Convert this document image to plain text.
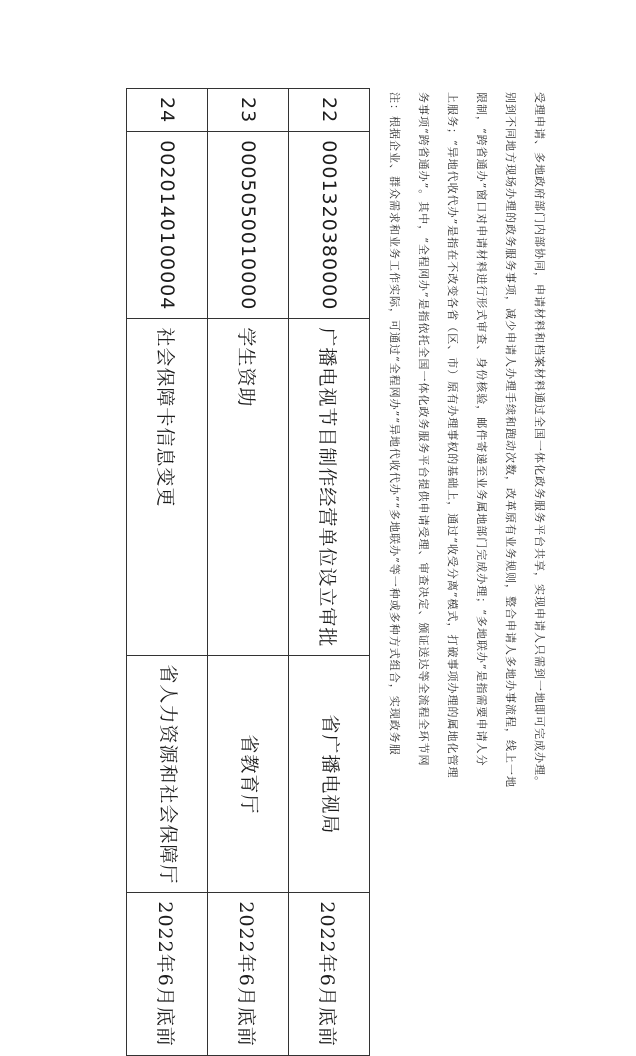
22	0001320380000	广播电视节目制作经营单位设立审批	省广播电视局	2022年6月底前
23	0005050010000	学生资助	省教育厅	2022年6月底前
24	0020140100004	社会保障卡信息变更	省人力资源和社会保障厅	2022年6月底前

注：根据企业、群众需求和业务工作实际，可通过“全程网办”“异地代收代办”“多地联办”等一种或多种方式组合，实现政务服	务事项“跨省通办”。其中，“全程网办”是指依托全国一体化政务服务平台提供申请受理、审查决定、颁证送达等全流程全环节网	上服务；“异地代收代办”是指在不改变各省（区、市）原有办理事权的基础上，通过“收受分离”模式，打破事项办理的属地化管理	限制，“跨省通办”窗口对申请材料进行形式审查、身份核验，邮件寄递至业务属地部门完成办理；“多地联办”是指需要申请人分	别到不同地方现场办理的政务服务事项，减少申请人办理手续和跑动次数，改革原有业务规则，整合申请人多地办事流程，线上一地	受理申请、多地政府部门内部协同，申请材料和档案材料通过全国一体化政务服务平台共享，实现申请人只需到一地即可完成办理。
